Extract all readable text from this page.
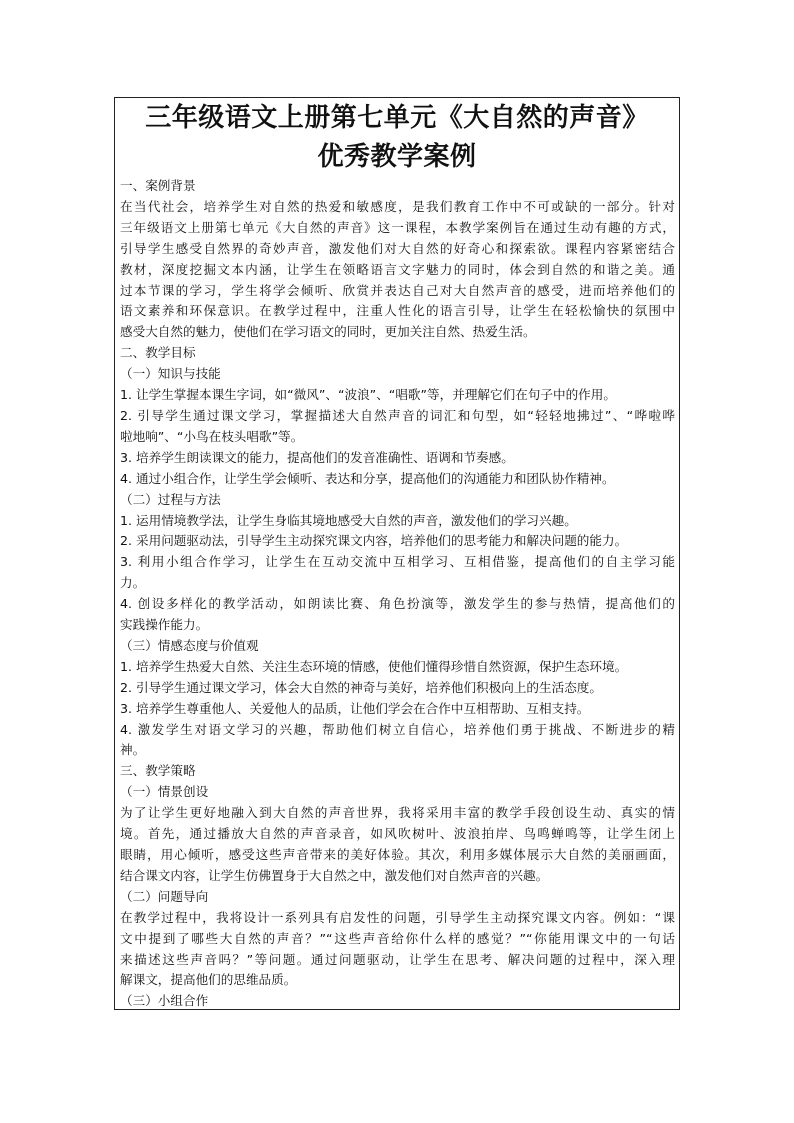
三年级语文上册第七单元《大自然的声音》
优秀教学案例
一、案例背景
在当代社会，培养学生对自然的热爱和敏感度，是我们教育工作中不可或缺的一部分。针对
三年级语文上册第七单元《大自然的声音》这一课程，本教学案例旨在通过生动有趣的方式，
引导学生感受自然界的奇妙声音，激发他们对大自然的好奇心和探索欲。课程内容紧密结合
教材，深度挖掘文本内涵，让学生在领略语言文字魅力的同时，体会到自然的和谐之美。通
过本节课的学习，学生将学会倾听、欣赏并表达自己对大自然声音的感受，进而培养他们的
语文素养和环保意识。在教学过程中，注重人性化的语言引导，让学生在轻松愉快的氛围中
感受大自然的魅力，使他们在学习语文的同时，更加关注自然、热爱生活。
二、教学目标
（一）知识与技能
1. 让学生掌握本课生字词，如“微风”、“波浪”、“唱歌”等，并理解它们在句子中的作用。
2. 引导学生通过课文学习，掌握描述大自然声音的词汇和句型，如“轻轻地拂过”、“哗啦哗
啦地响”、“小鸟在枝头唱歌”等。
3. 培养学生朗读课文的能力，提高他们的发音准确性、语调和节奏感。
4. 通过小组合作，让学生学会倾听、表达和分享，提高他们的沟通能力和团队协作精神。
（二）过程与方法
1. 运用情境教学法，让学生身临其境地感受大自然的声音，激发他们的学习兴趣。
2. 采用问题驱动法，引导学生主动探究课文内容，培养他们的思考能力和解决问题的能力。
3. 利用小组合作学习，让学生在互动交流中互相学习、互相借鉴，提高他们的自主学习能
力。
4. 创设多样化的教学活动，如朗读比赛、角色扮演等，激发学生的参与热情，提高他们的
实践操作能力。
（三）情感态度与价值观
1. 培养学生热爱大自然、关注生态环境的情感，使他们懂得珍惜自然资源，保护生态环境。
2. 引导学生通过课文学习，体会大自然的神奇与美好，培养他们积极向上的生活态度。
3. 培养学生尊重他人、关爱他人的品质，让他们学会在合作中互相帮助、互相支持。
4. 激发学生对语文学习的兴趣，帮助他们树立自信心，培养他们勇于挑战、不断进步的精
神。
三、教学策略
（一）情景创设
为了让学生更好地融入到大自然的声音世界，我将采用丰富的教学手段创设生动、真实的情
境。首先，通过播放大自然的声音录音，如风吹树叶、波浪拍岸、鸟鸣蝉鸣等，让学生闭上
眼睛，用心倾听，感受这些声音带来的美好体验。其次，利用多媒体展示大自然的美丽画面，
结合课文内容，让学生仿佛置身于大自然之中，激发他们对自然声音的兴趣。
（二）问题导向
在教学过程中，我将设计一系列具有启发性的问题，引导学生主动探究课文内容。例如：“课
文中提到了哪些大自然的声音？”“这些声音给你什么样的感觉？”“你能用课文中的一句话
来描述这些声音吗？”等问题。通过问题驱动，让学生在思考、解决问题的过程中，深入理
解课文，提高他们的思维品质。
（三）小组合作
